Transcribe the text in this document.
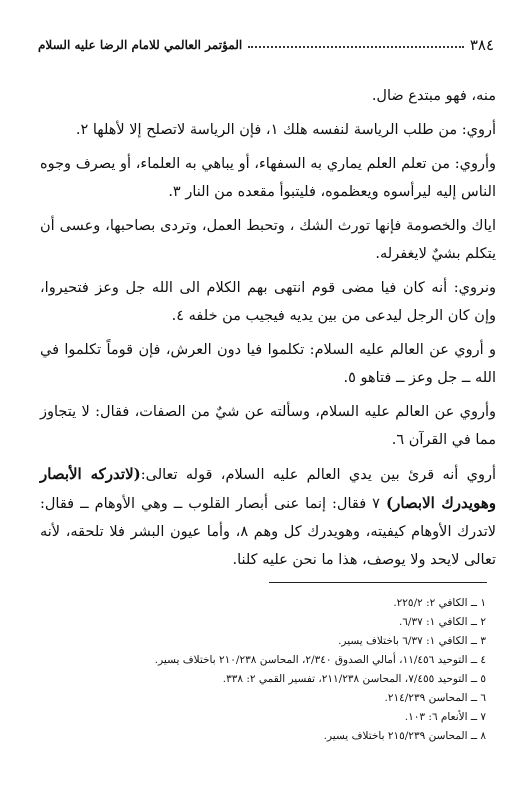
٣٨٤
المؤتمر العالمي للامام الرضا عليه السلام

منه، فهو مبتدع ضال.

أروي: من طلب الرياسة لنفسه هلك ١، فإن الرياسة لاتصلح إلا لأهلها ٢.

وأروي: من تعلم العلم يماري به السفهاء، أو يباهي به العلماء، أو يصرف وجوه الناس إليه ليرأسوه ويعظموه، فليتبوأ مقعده من النار ٣.

اياك والخصومة فإنها تورث الشك ، وتحبط العمل، وتردى بصاحبها، وعسى أن يتكلم بشيٌ لايغفرله.

ونروي: أنه كان فيا مضى قوم انتهى بهم الكلام الى الله جل وعز فتحيروا، وإن كان الرجل ليدعى من بين يديه فيجيب من خلفه ٤.

و أروي عن العالم عليه السلام: تكلموا فيا دون العرش، فإن قوماً تكلموا في الله ــ جل وعز ــ فتاهو ٥.

وأروي عن العالم عليه السلام، وسألته عن شيٌ من الصفات، فقال: لا يتجاوز مما في القرآن ٦.

أروي أنه قرئ بين يدي العالم عليه السلام، قوله تعالى:(لاتدركه الأبصار وهويدرك الابصار) ٧ فقال: إنما عنى أبصار القلوب ــ وهي الأوهام ــ فقال: لاتدرك الأوهام كيفيته، وهويدرك كل وهم ٨، وأما عيون البشر فلا تلحقه، لأنه تعالى لايحد ولا يوصف، هذا ما نحن عليه كلنا.

١ ــ الكافي ٢: ٢٢٥/٢.
٢ ــ الكافي ١: ٦/٣٧.
٣ ــ الكافي ١: ٦/٣٧ باختلاف يسير.
٤ ــ التوحيد ١١/٤٥٦، أمالي الصدوق ٢/٣٤٠، المحاسن ٢١٠/٢٣٨ باختلاف يسير.
٥ ــ التوحيد ٧/٤٥٥، المحاسن ٢١١/٢٣٨، تفسير القمي ٢: ٣٣٨.
٦ ــ المحاسن ٢١٤/٢٣٩.
٧ ــ الأنعام ٦: ١٠٣.
٨ ــ المحاسن ٢١٥/٢٣٩ باختلاف يسير.
